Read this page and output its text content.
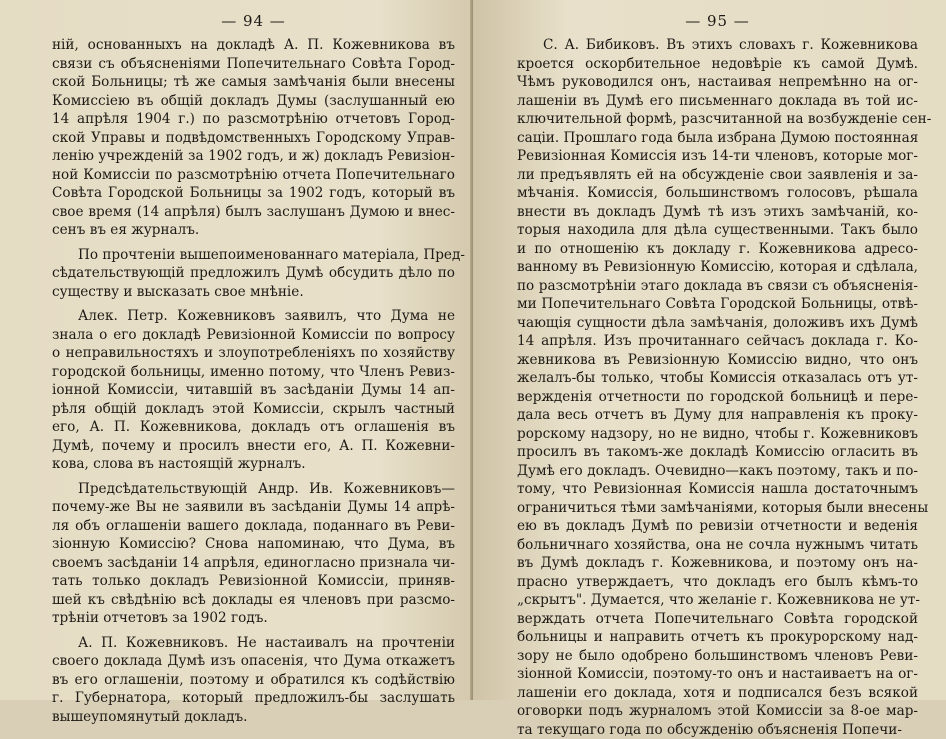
— 94 —
ній, основанныхъ на докладѣ А. П. Кожевникова въ
связи съ объясненіями Попечительнаго Совѣта Город-
ской Больницы; тѣ же самыя замѣчанія были внесены
Комиссіею въ общій докладъ Думы (заслушанный ею
14 апрѣля 1904 г.) по разсмотрѣнію отчетовъ Город-
ской Управы и подвѣдомственныхъ Городскому Управ-
ленію учрежденій за 1902 годъ, и ж) докладъ Ревизіон-
ной Комиссіи по разсмотрѣнію отчета Попечительнаго
Совѣта Городской Больницы за 1902 годъ, который въ
свое время (14 апрѣля) былъ заслушанъ Думою и внес-
сенъ въ ея журналъ.
По прочтеніи вышепоименованнаго матеріала, Пред-
сѣдательствующій предложилъ Думѣ обсудить дѣло по
существу и высказать свое мнѣніе.
Алек. Петр. Кожевниковъ заявилъ, что Дума не
знала о его докладѣ Ревизіонной Комиссіи по вопросу
о неправильностяхъ и злоупотребленіяхъ по хозяйству
городской больницы, именно потому, что Членъ Ревиз-
іонной Комиссіи, читавшій въ засѣданіи Думы 14 ап-
рѣля общій докладъ этой Комиссіи, скрылъ частный
его, А. П. Кожевникова, докладъ отъ оглашенія въ
Думѣ, почему и просилъ внести его, А. П. Кожевни-
кова, слова въ настоящій журналъ.
Предсѣдательствующій Андр. Ив. Кожевниковъ—
почему-же Вы не заявили въ засѣданіи Думы 14 апрѣ-
ля объ оглашеніи вашего доклада, поданнаго въ Реви-
зіонную Комиссію? Снова напоминаю, что Дума, въ
своемъ засѣданіи 14 апрѣля, единогласно признала чи-
тать только докладъ Ревизіонной Комиссіи, приняв-
шей къ свѣдѣнію всѣ доклады ея членовъ при разсмо-
трѣніи отчетовъ за 1902 годъ.
А. П. Кожевниковъ. Не настаивалъ на прочтеніи
своего доклада Думѣ изъ опасенія, что Дума откажетъ
въ его оглашеніи, поэтому и обратился къ содѣйствію
г. Губернатора, который предложилъ-бы заслушать
вышеупомянутый докладъ.
— 95 —
С. А. Бибиковъ. Въ этихъ словахъ г. Кожевникова
кроется оскорбительное недовѣріе къ самой Думѣ.
Чѣмъ руководился онъ, настаивая непремѣнно на ог-
лашеніи въ Думѣ его письменнаго доклада въ той ис-
ключительной формѣ, разсчитанной на возбужденіе сен-
саціи. Прошлаго года была избрана Думою постоянная
Ревизіонная Комиссія изъ 14-ти членовъ, которые мог-
ли предъявлять ей на обсужденіе свои заявленія и за-
мѣчанія. Комиссія, большинствомъ голосовъ, рѣшала
внести въ докладъ Думѣ тѣ изъ этихъ замѣчаній, ко-
торыя находила для дѣла существенными. Такъ было
и по отношенію къ докладу г. Кожевникова адресо-
ванному въ Ревизіонную Комиссію, которая и сдѣлала,
по разсмотрѣніи этаго доклада въ связи съ объясненія-
ми Попечительнаго Совѣта Городской Больницы, отвѣ-
чающія сущности дѣла замѣчанія, доложивъ ихъ Думѣ
14 апрѣля. Изъ прочитаннаго сейчасъ доклада г. Ко-
жевникова въ Ревизіонную Комиссію видно, что онъ
желалъ-бы только, чтобы Комиссія отказалась отъ ут-
вержденія отчетности по городской больницѣ и пере-
дала весь отчетъ въ Думу для направленія къ проку-
рорскому надзору, но не видно, чтобы г. Кожевниковъ
просилъ въ такомъ-же докладѣ Комиссію огласить въ
Думѣ его докладъ. Очевидно—какъ поэтому, такъ и по-
тому, что Ревизіонная Комиссія нашла достаточнымъ
ограничиться тѣми замѣчаніями, которыя были внесены
ею въ докладъ Думѣ по ревизіи отчетности и веденія
больничнаго хозяйства, она не сочла нужнымъ читать
въ Думѣ докладъ г. Кожевникова, и поэтому онъ на-
прасно утверждаетъ, что докладъ его былъ кѣмъ-то
„скрытъ". Думается, что желаніе г. Кожевникова не ут-
верждать отчета Попечительнаго Совѣта городской
больницы и направить отчетъ къ прокурорскому над-
зору не было одобрено большинствомъ членовъ Реви-
зіонной Комиссіи, поэтому-то онъ и настаиваетъ на ог-
лашеніи его доклада, хотя и подписался безъ всякой
оговорки подъ журналомъ этой Комиссіи за 8-ое мар-
та текущаго года по обсужденію объясненія Попечи-
